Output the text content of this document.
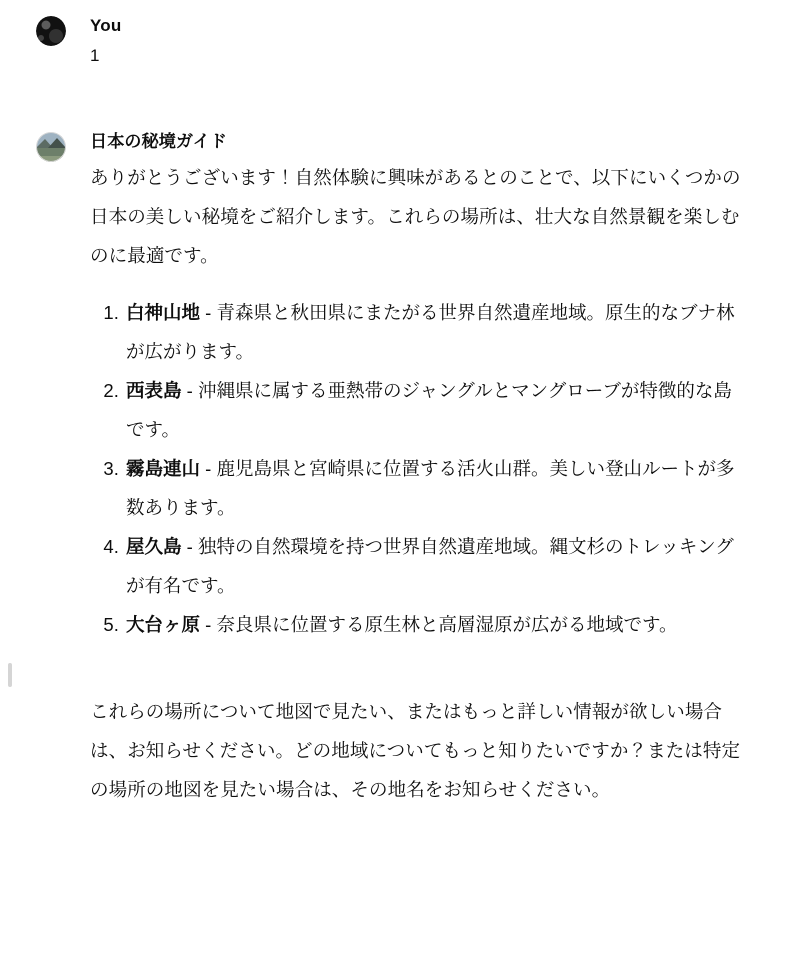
You
1
日本の秘境ガイド

ありがとうございます！自然体験に興味があるとのことで、以下にいくつかの日本の美しい秘境をご紹介します。これらの場所は、壮大な自然景観を楽しむのに最適です。

1. 白神山地 - 青森県と秋田県にまたがる世界自然遺産地域。原生的なブナ林が広がります。
2. 西表島 - 沖縄県に属する亜熱帯のジャングルとマングローブが特徴的な島です。
3. 霧島連山 - 鹿児島県と宮崎県に位置する活火山群。美しい登山ルートが多数あります。
4. 屋久島 - 独特の自然環境を持つ世界自然遺産地域。縄文杉のトレッキングが有名です。
5. 大台ヶ原 - 奈良県に位置する原生林と高層湿原が広がる地域です。

これらの場所について地図で見たい、またはもっと詳しい情報が欲しい場合は、お知らせください。どの地域についてもっと知りたいですか？または特定の場所の地図を見たい場合は、その地名をお知らせください。
